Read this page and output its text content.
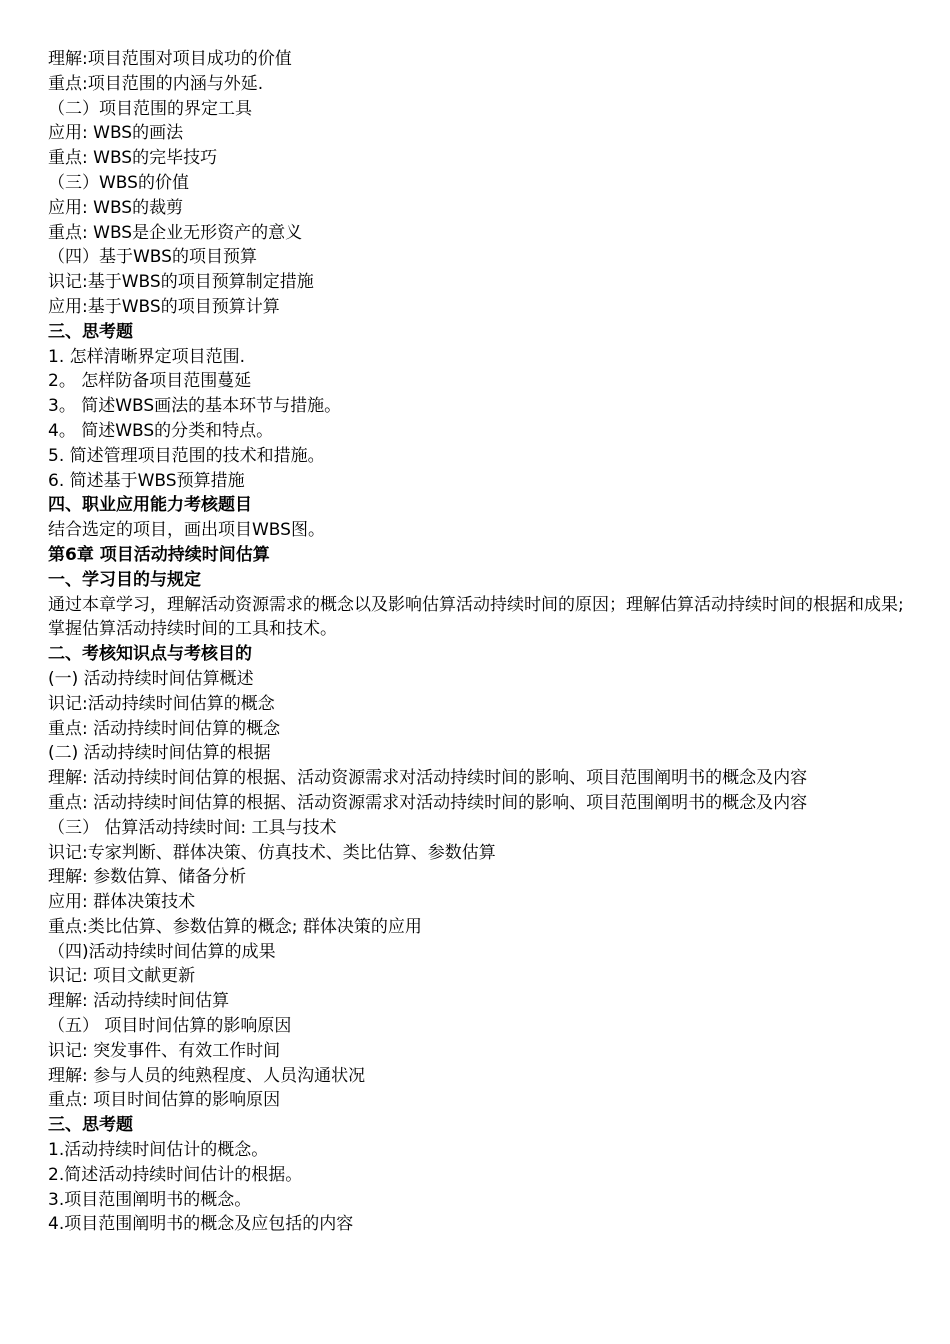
理解:项目范围对项目成功的价值

重点:项目范围的内涵与外延.

（二）项目范围的界定工具

应用: WBS的画法

重点: WBS的完毕技巧

（三）WBS的价值

应用: WBS的裁剪

重点: WBS是企业无形资产的意义

（四）基于WBS的项目预算

识记:基于WBS的项目预算制定措施

应用:基于WBS的项目预算计算

三、思考题

1. 怎样清晰界定项目范围.

2。 怎样防备项目范围蔓延

3。 简述WBS画法的基本环节与措施。

4。 简述WBS的分类和特点。

5. 简述管理项目范围的技术和措施。

6. 简述基于WBS预算措施

四、职业应用能力考核题目

结合选定的项目，画出项目WBS图。

第6章 项目活动持续时间估算

一、学习目的与规定

通过本章学习，理解活动资源需求的概念以及影响估算活动持续时间的原因；理解估算活动持续时间的根据和成果;掌握估算活动持续时间的工具和技术。

二、考核知识点与考核目的

(一) 活动持续时间估算概述

识记:活动持续时间估算的概念

重点: 活动持续时间估算的概念

(二) 活动持续时间估算的根据

理解: 活动持续时间估算的根据、活动资源需求对活动持续时间的影响、项目范围阐明书的概念及内容

重点: 活动持续时间估算的根据、活动资源需求对活动持续时间的影响、项目范围阐明书的概念及内容

（三） 估算活动持续时间: 工具与技术

识记:专家判断、群体决策、仿真技术、类比估算、参数估算

理解: 参数估算、储备分析

应用: 群体决策技术

重点:类比估算、参数估算的概念; 群体决策的应用

（四)活动持续时间估算的成果

识记: 项目文献更新

理解: 活动持续时间估算

（五） 项目时间估算的影响原因

识记: 突发事件、有效工作时间

理解: 参与人员的纯熟程度、人员沟通状况

重点: 项目时间估算的影响原因

三、思考题

1.活动持续时间估计的概念。

2.简述活动持续时间估计的根据。

3.项目范围阐明书的概念。

4.项目范围阐明书的概念及应包括的内容
